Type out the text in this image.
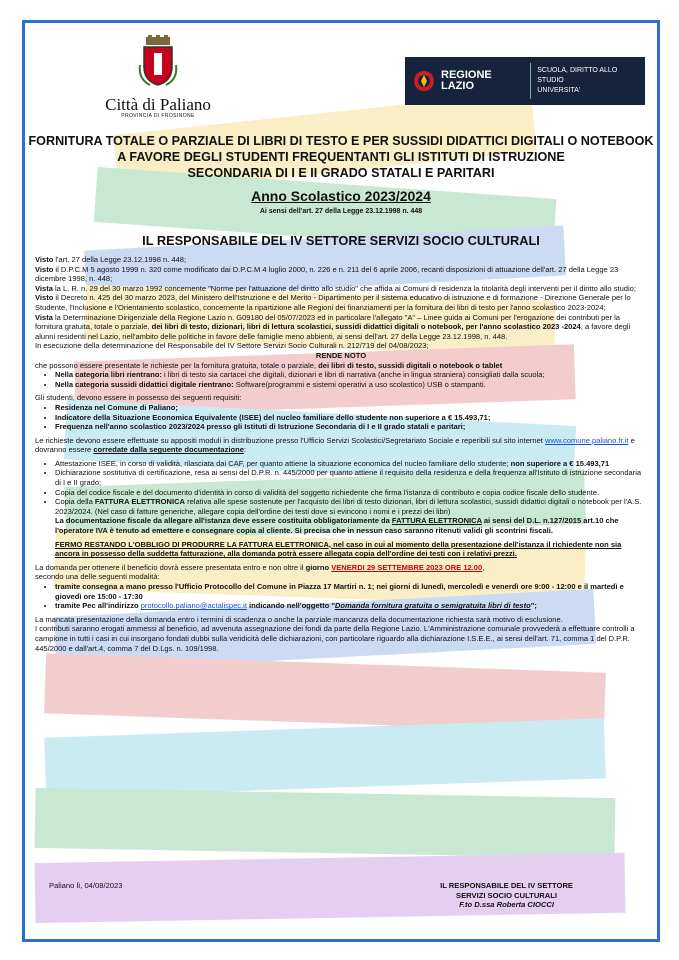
Città di Paliano
PROVINCIA DI FROSINONE
REGIONE
LAZIO
SCUOLA, DIRITTO ALLO STUDIO
UNIVERSITA'
FORNITURA TOTALE O PARZIALE DI LIBRI DI TESTO E PER SUSSIDI DIDATTICI DIGITALI O NOTEBOOK
A FAVORE DEGLI STUDENTI FREQUENTANTI GLI ISTITUTI DI ISTRUZIONE
SECONDARIA DI I E II GRADO STATALI E PARITARI
Anno Scolastico 2023/2024
Ai sensi dell'art. 27 della Legge 23.12.1998 n. 448
IL RESPONSABILE DEL IV SETTORE SERVIZI SOCIO CULTURALI

Visto l'art. 27 della Legge 23.12.1998 n. 448;

Visto il D.P.C.M 5 agosto 1999 n. 320 come modificato dai D.P.C.M 4 luglio 2000, n. 226 e n. 211 del 6 aprile 2006, recanti disposizioni di attuazione dell'art. 27 della Legge 23 dicembre 1998, n. 448;

Vista la L. R. n. 29 del 30 marzo 1992 concernente "Norme per l'attuazione del diritto allo studio" che affida ai Comuni di residenza la titolarità degli interventi per il diritto allo studio;

Visto il Decreto n. 425 del 30 marzo 2023, del Ministero dell'Istruzione e del Merito - Dipartimento per il sistema educativo di istruzione e di formazione - Direzione Generale per lo Studente, l'Inclusione e l'Orientamento scolastico, concernente la ripartizione alle Regioni dei finanziamenti per la fornitura dei libri di testo per l'anno scolastico 2023-2024;

Vista la Determinazione Dirigenziale della Regione Lazio n. G09180 del 05/07/2023 ed in particolare l'allegato "A" – Linee guida ai Comuni per l'erogazione dei contributi per la fornitura gratuita, totale o parziale, dei libri di testo, dizionari, libri di lettura scolastici, sussidi didattici digitali o notebook, per l'anno scolastico 2023 -2024, a favore degli alunni residenti nel Lazio, nell'ambito delle politiche in favore delle famiglie meno abbienti, ai sensi dell'art. 27 della Legge 23.12.1998, n. 448.

In esecuzione della determinazione del Responsabile del IV Settore Servizi Socio Culturali n. 212/719 del 04/08/2023;

RENDE NOTO

che possono essere presentate le richieste per la fornitura gratuita, totale o parziale, dei libri di testo, sussidi digitali o notebook o tablet

• Nella categoria libri rientrano: i libri di testo sia cartacei che digitali, dizionari e libri di narrativa (anche in lingua straniera) consigliati dalla scuola;
• Nella categoria sussidi didattici digitale rientrano: Software(programmi e sistemi operativi a uso scolastico) USB o stampanti.

Gli studenti, devono essere in possesso dei seguenti requisiti:

• Residenza nel Comune di Paliano;
• Indicatore della Situazione Economica Equivalente (ISEE) del nucleo familiare dello studente non superiore a € 15.493,71;
• Frequenza nell'anno scolastico 2023/2024 presso gli Istituti di Istruzione Secondaria di I e II grado statali e paritari;

Le richieste devono essere effettuate su appositi moduli in distribuzione presso l'Ufficio Servizi Scolastici/Segretariato Sociale e reperibili sul sito internet www.comune.paliano.fr.it e dovranno essere corredate dalla seguente documentazione:

• Attestazione ISEE, in corso di validità, rilasciata dai CAF, per quanto attiene la situazione economica del nucleo familiare dello studente; non superiore a € 15.493,71
• Dichiarazione sostitutiva di certificazione, resa ai sensi del D.P.R. n. 445/2000 per quanto attiene il requisito della residenza e della frequenza all'Istituto di istruzione secondaria di I e II grado;
• Copia del codice fiscale e del documento d'identità in corso di validità del soggetto richiedente che firma l'istanza di contributo e copia codice fiscale dello studente.
• Copia della FATTURA ELETTRONICA relativa alle spese sostenute per l'acquisto dei libri di testo dizionari, libri di lettura scolastici, sussidi didattici digitali o notebook per l'A.S. 2023/2024. (Nel caso di fatture generiche, allegare copia dell'ordine dei testi dove si evincono i nomi e i prezzi dei libri)

La documentazione fiscale da allegare all'istanza deve essere costituita obbligatoriamente da FATTURA ELETTRONICA ai sensi del D.L. n.127/2015 art.10 che l'operatore IVA è tenuto ad emettere e consegnare copia al cliente. Si precisa che in nessun caso saranno ritenuti validi gli scontrini fiscali.

FERMO RESTANDO L'OBBLIGO DI PRODURRE LA FATTURA ELETTRONICA, nel caso in cui al momento della presentazione dell'istanza il richiedente non sia ancora in possesso della suddetta fatturazione, alla domanda potrà essere allegata copia dell'ordine dei testi con i relativi prezzi.

La domanda per ottenere il beneficio dovrà essere presentata entro e non oltre il giorno VENERDI 29 SETTEMBRE 2023 ORE 12.00,

secondo una delle seguenti modalità:

• tramite consegna a mano presso l'Ufficio Protocollo del Comune in Piazza 17 Martiri n. 1; nei giorni di lunedì, mercoledì e venerdì ore 9:00 - 12:00 e il martedì e giovedì ore 15:00 - 17:30
• tramite Pec all'indirizzo protocollo.paliano@actalispec.it indicando nell'oggetto "Domanda fornitura gratuita o semigratuita libri di testo";

La mancata presentazione della domanda entro i termini di scadenza o anche la parziale mancanza della documentazione richiesta sarà motivo di esclusione.

I contributi saranno erogati ammessi al beneficio, ad avvenuta assegnazione dei fondi da parte della Regione Lazio. L'Amministrazione comunale provvederà a effettuare controlli a campione in tutti i casi in cui insorgano fondati dubbi sulla veridicità delle dichiarazioni, con particolare riguardo alla dichiarazione I.S.E.E., ai sensi dell'art. 71, comma 1 del D.P.R. 445/2000 e dall'art.4, comma 7 del D.Lgs. n. 109/1998.

Paliano lì, 04/08/2023	IL RESPONSABILE DEL IV SETTORE
SERVIZI SOCIO CULTURALI
F.to D.ssa Roberta CIOCCI
